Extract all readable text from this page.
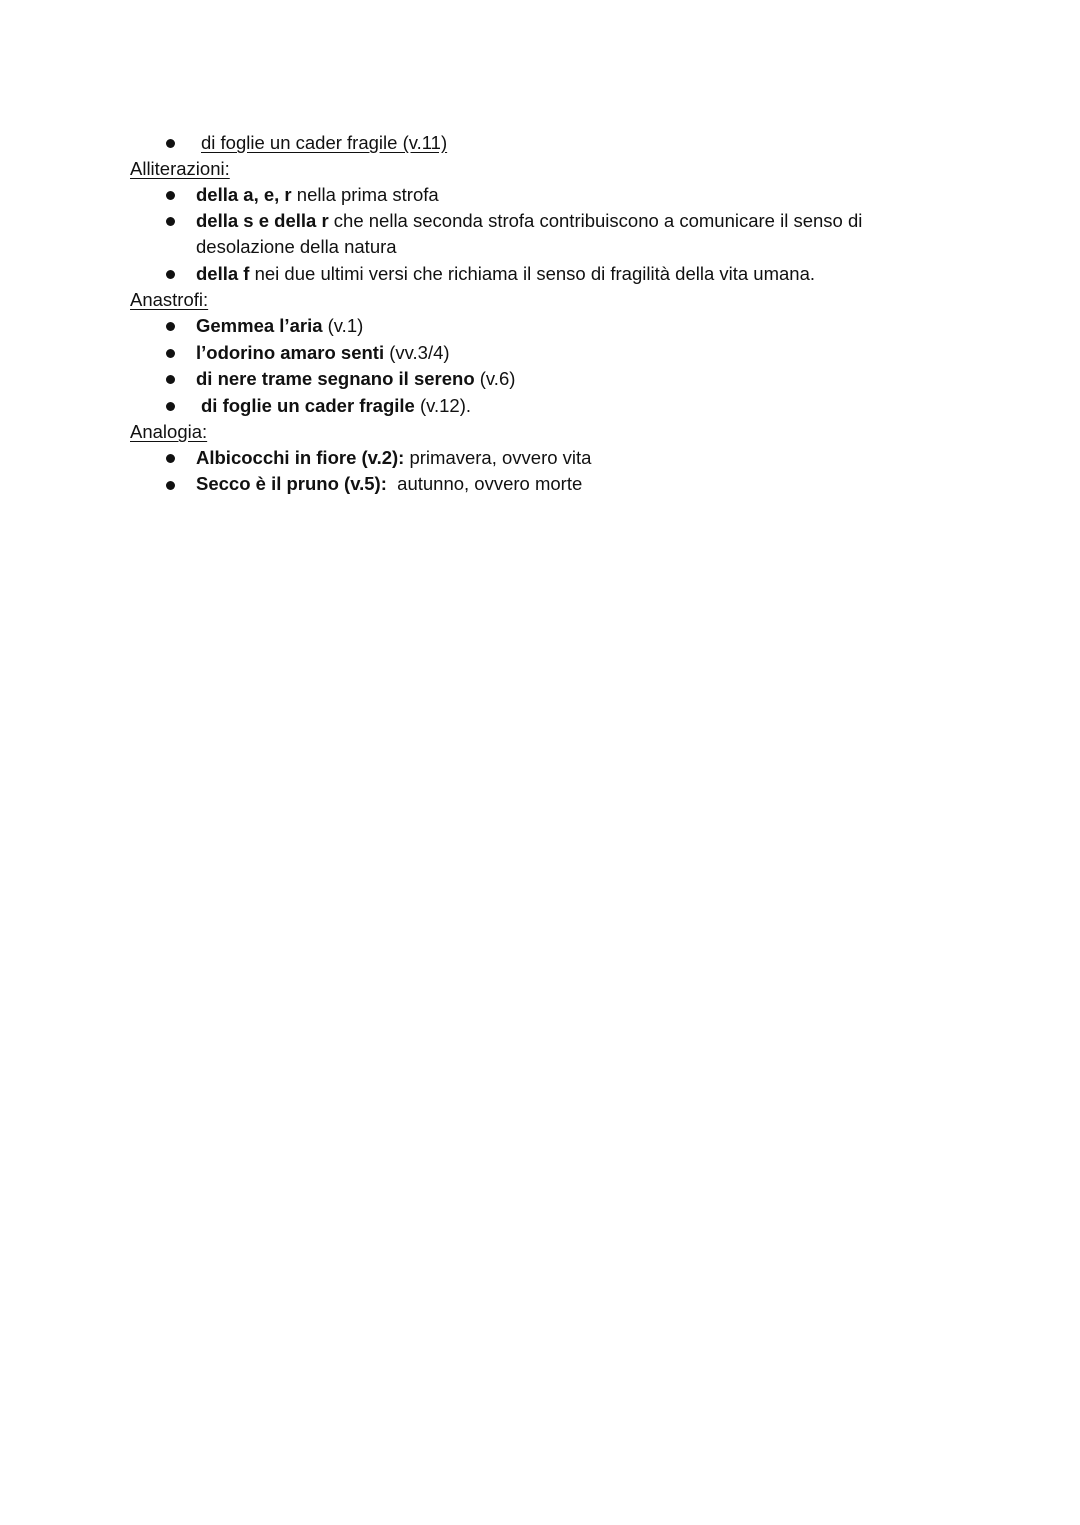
di foglie un cader fragile (v.11)
Alliterazioni:
della a, e, r nella prima strofa
della s e della r che nella seconda strofa contribuiscono a comunicare il senso di
desolazione della natura
della f nei due ultimi versi che richiama il senso di fragilità della vita umana.
Anastrofi:
Gemmea l’aria (v.1)
l’odorino amaro senti (vv.3/4)
di nere trame segnano il sereno (v.6)
di foglie un cader fragile (v.12).
Analogia:
Albicocchi in fiore (v.2): primavera, ovvero vita
Secco è il pruno (v.5):  autunno, ovvero morte
